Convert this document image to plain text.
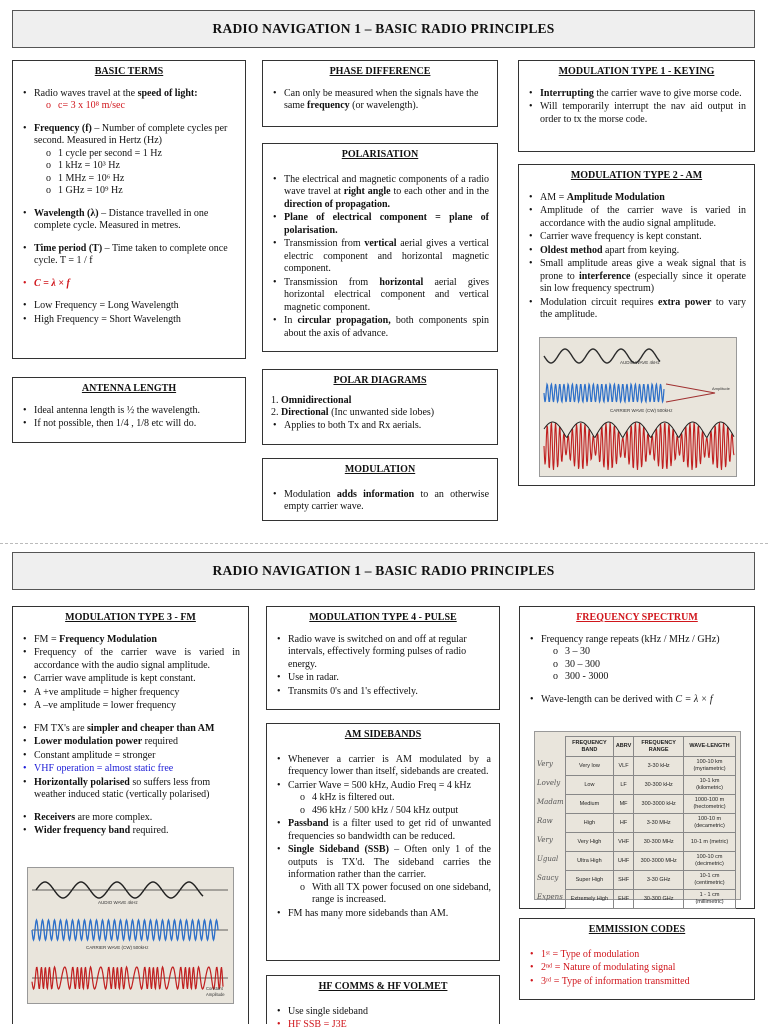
RADIO NAVIGATION 1 – BASIC RADIO PRINCIPLES
BASIC TERMS
• Radio waves travel at the speed of light:
o c= 3 x 10⁸ m/sec
• Frequency (f) – Number of complete cycles per second. Measured in Hertz (Hz)
o 1 cycle per second = 1 Hz
o 1 kHz = 10³ Hz
o 1 MHz = 10⁶ Hz
o 1 GHz = 10⁹ Hz
• Wavelength (λ) – Distance travelled in one complete cycle. Measured in metres.
• Time period (T) – Time taken to complete once cycle. T = 1 / f
• C = λ × f
• Low Frequency = Long Wavelength
• High Frequency = Short Wavelength
PHASE DIFFERENCE
• Can only be measured when the signals have the same frequency (or wavelength).
MODULATION TYPE 1 - KEYING
• Interrupting the carrier wave to give morse code.
• Will temporarily interrupt the nav aid output in order to tx the morse code.
POLARISATION
• The electrical and magnetic components of a radio wave travel at right angle to each other and in the direction of propagation.
• Plane of electrical component = plane of polarisation.
• Transmission from vertical aerial gives a vertical electric component and horizontal magnetic component.
• Transmission from horizontal aerial gives horizontal electrical component and vertical magnetic component.
• In circular propagation, both components spin about the axis of advance.
MODULATION TYPE 2 - AM
• AM = Amplitude Modulation
• Amplitude of the carrier wave is varied in accordance with the audio signal amplitude.
• Carrier wave frequency is kept constant.
• Oldest method apart from keying.
• Small amplitude areas give a weak signal that is prone to interference (especially since it operate sin low frequency spectrum)
• Modulation circuit requires extra power to vary the amplitude.
AUDIO WAVE 4kHz
CARRIER WAVE (CW) 500kHz
Amplitude
ANTENNA LENGTH
• Ideal antenna length is ½ the wavelength.
• If not possible, then 1/4 , 1/8 etc will do.
POLAR DIAGRAMS
1. Omnidirectional
2. Directional (Inc unwanted side lobes)
• Applies to both Tx and Rx aerials.
MODULATION
• Modulation adds information to an otherwise empty carrier wave.
RADIO NAVIGATION 1 – BASIC RADIO PRINCIPLES
MODULATION TYPE 3 - FM
• FM = Frequency Modulation
• Frequency of the carrier wave is varied in accordance with the audio signal amplitude.
• Carrier wave amplitude is kept constant.
• A +ve amplitude = higher frequency
• A –ve amplitude = lower frequency
• FM TX's are simpler and cheaper than AM
• Lower modulation power required
• Constant amplitude = stronger
• VHF operation = almost static free
• Horizontally polarised so suffers less from weather induced static (vertically polarised)
• Receivers are more complex.
• Wider frequency band required.
AUDIO WAVE 4kHz
CARRIER WAVE (CW) 500kHz
Constant
Amplitude
MODULATION TYPE 4 - PULSE
• Radio wave is switched on and off at regular intervals, effectively forming pulses of radio energy.
• Use in radar.
• Transmits 0's and 1's effectively.
FREQUENCY SPECTRUM
• Frequency range repeats (kHz / MHz / GHz)
o 3 – 30
o 30 – 300
o 300 - 3000
• Wave-length can be derived with C = λ × f
Very
Lovely
Madam
Raw
Very
Ugual
Saucy
Expens
FREQUENCY BAND	ABRV	FREQUENCY RANGE	WAVE-LENGTH
Very low	VLF	3-30 kHz	100-10 km (myriametric)
Low	LF	30-300 kHz	10-1 km (kilometric)
Medium	MF	300-3000 kHz	1000-100 m (hectometric)
High	HF	3-30 MHz	100-10 m (decametric)
Very High	VHF	30-300 MHz	10-1 m (metric)
Ultra High	UHF	300-3000 MHz	100-10 cm (decimetric)
Super High	SHF	3-30 GHz	10-1 cm (centimetric)
Extremely High	EHF	30-300 GHz	1 - 1 cm (millimetric)
AM SIDEBANDS
• Whenever a carrier is AM modulated by a frequency lower than itself, sidebands are created.
• Carrier Wave = 500 kHz, Audio Freq = 4 kHz
o 4 kHz is filtered out.
o 496 kHz / 500 kHz / 504 kHz output
• Passband is a filter used to get rid of unwanted frequencies so bandwidth can be reduced.
• Single Sideband (SSB) – Often only 1 of the outputs is TX'd. The sideband carries the information rather than the carrier.
o With all TX power focused on one sideband, range is increased.
• FM has many more sidebands than AM.
EMMISSION CODES
• 1ˢᵗ = Type of modulation
• 2ⁿᵈ = Nature of modulating signal
• 3ʳᵈ = Type of information transmitted
HF COMMS & HF VOLMET
• Use single sideband
• HF SSB = J3E
